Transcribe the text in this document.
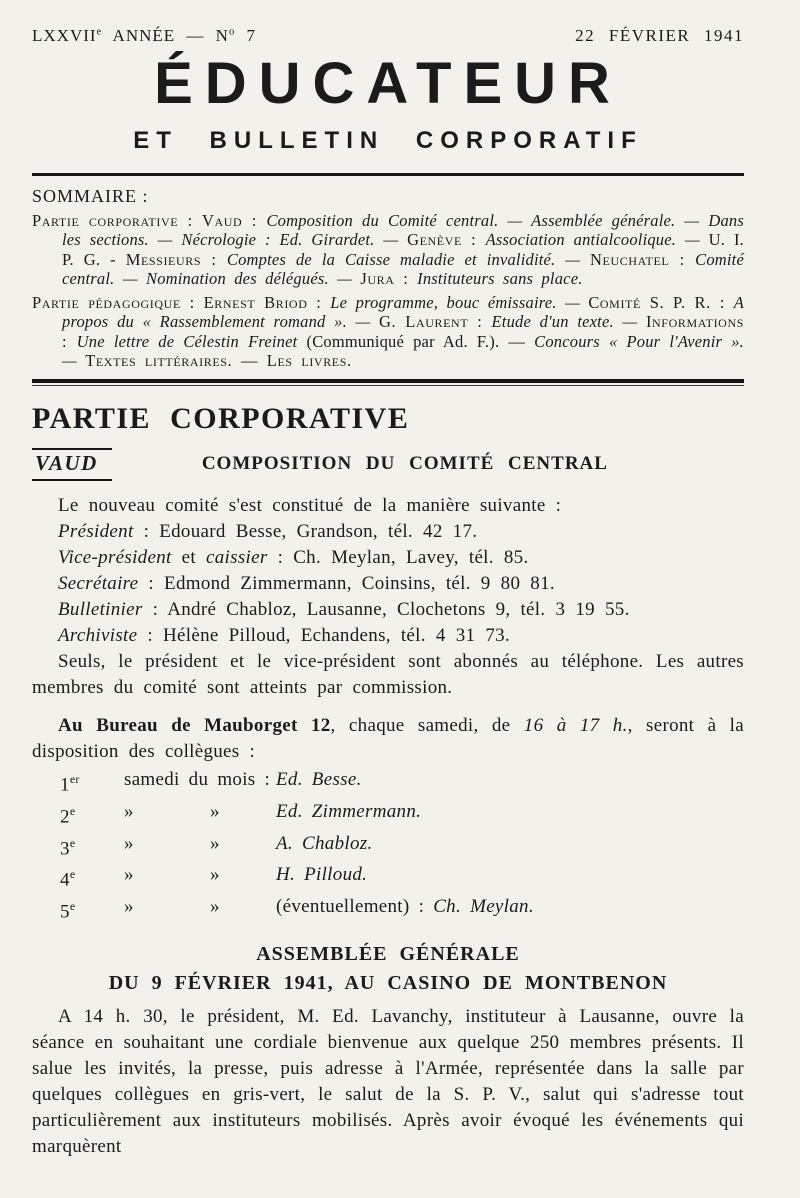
LXXVIIe ANNÉE — $N^o$ 7	22 FÉVRIER 1941
ÉDUCATEUR
ET BULLETIN CORPORATIF
SOMMAIRE :

Partie corporative : Vaud : Composition du Comité central. — Assemblée générale. — Dans les sections. — Nécrologie : Ed. Girardet. — Genève : Association antialcoolique. — U. I. P. G. - Messieurs : Comptes de la Caisse maladie et invalidité. — Neuchatel : Comité central. — Nomination des délégués. — Jura : Instituteurs sans place.

Partie pédagogique : Ernest Briod : Le programme, bouc émissaire. — Comité S. P. R. : A propos du « Rassemblement romand ». — G. Laurent : Etude d'un texte. — Informations : Une lettre de Célestin Freinet (Communiqué par Ad. F.). — Concours « Pour l'Avenir ». — Textes littéraires. — Les livres.

PARTIE CORPORATIVE
VAUD	COMPOSITION DU COMITÉ CENTRAL

Le nouveau comité s'est constitué de la manière suivante :

Président : Edouard Besse, Grandson, tél. 42 17.
Vice-président et caissier : Ch. Meylan, Lavey, tél. 85.
Secrétaire : Edmond Zimmermann, Coinsins, tél. 9 80 81.
Bulletinier : André Chabloz, Lausanne, Clochetons 9, tél. 3 19 55.
Archiviste : Hélène Pilloud, Echandens, tél. 4 31 73.

Seuls, le président et le vice-président sont abonnés au téléphone. Les autres membres du comité sont atteints par commission.

Au Bureau de Mauborget 12, chaque samedi, de 16 à 17 h., seront à la disposition des collègues :

1er	samedi du mois : Ed. Besse.
2e	»	»	Ed. Zimmermann.
3e	»	»	A. Chabloz.
4e	»	»	H. Pilloud.
5e	»	»	(éventuellement) : Ch. Meylan.
ASSEMBLÉE GÉNÉRALE
DU 9 FÉVRIER 1941, AU CASINO DE MONTBENON

A 14 h. 30, le président, M. Ed. Lavanchy, instituteur à Lausanne, ouvre la séance en souhaitant une cordiale bienvenue aux quelque 250 membres présents. Il salue les invités, la presse, puis adresse à l'Armée, représentée dans la salle par quelques collègues en gris-vert, le salut de la S. P. V., salut qui s'adresse tout particulièrement aux instituteurs mobilisés. Après avoir évoqué les événements qui marquèrent
